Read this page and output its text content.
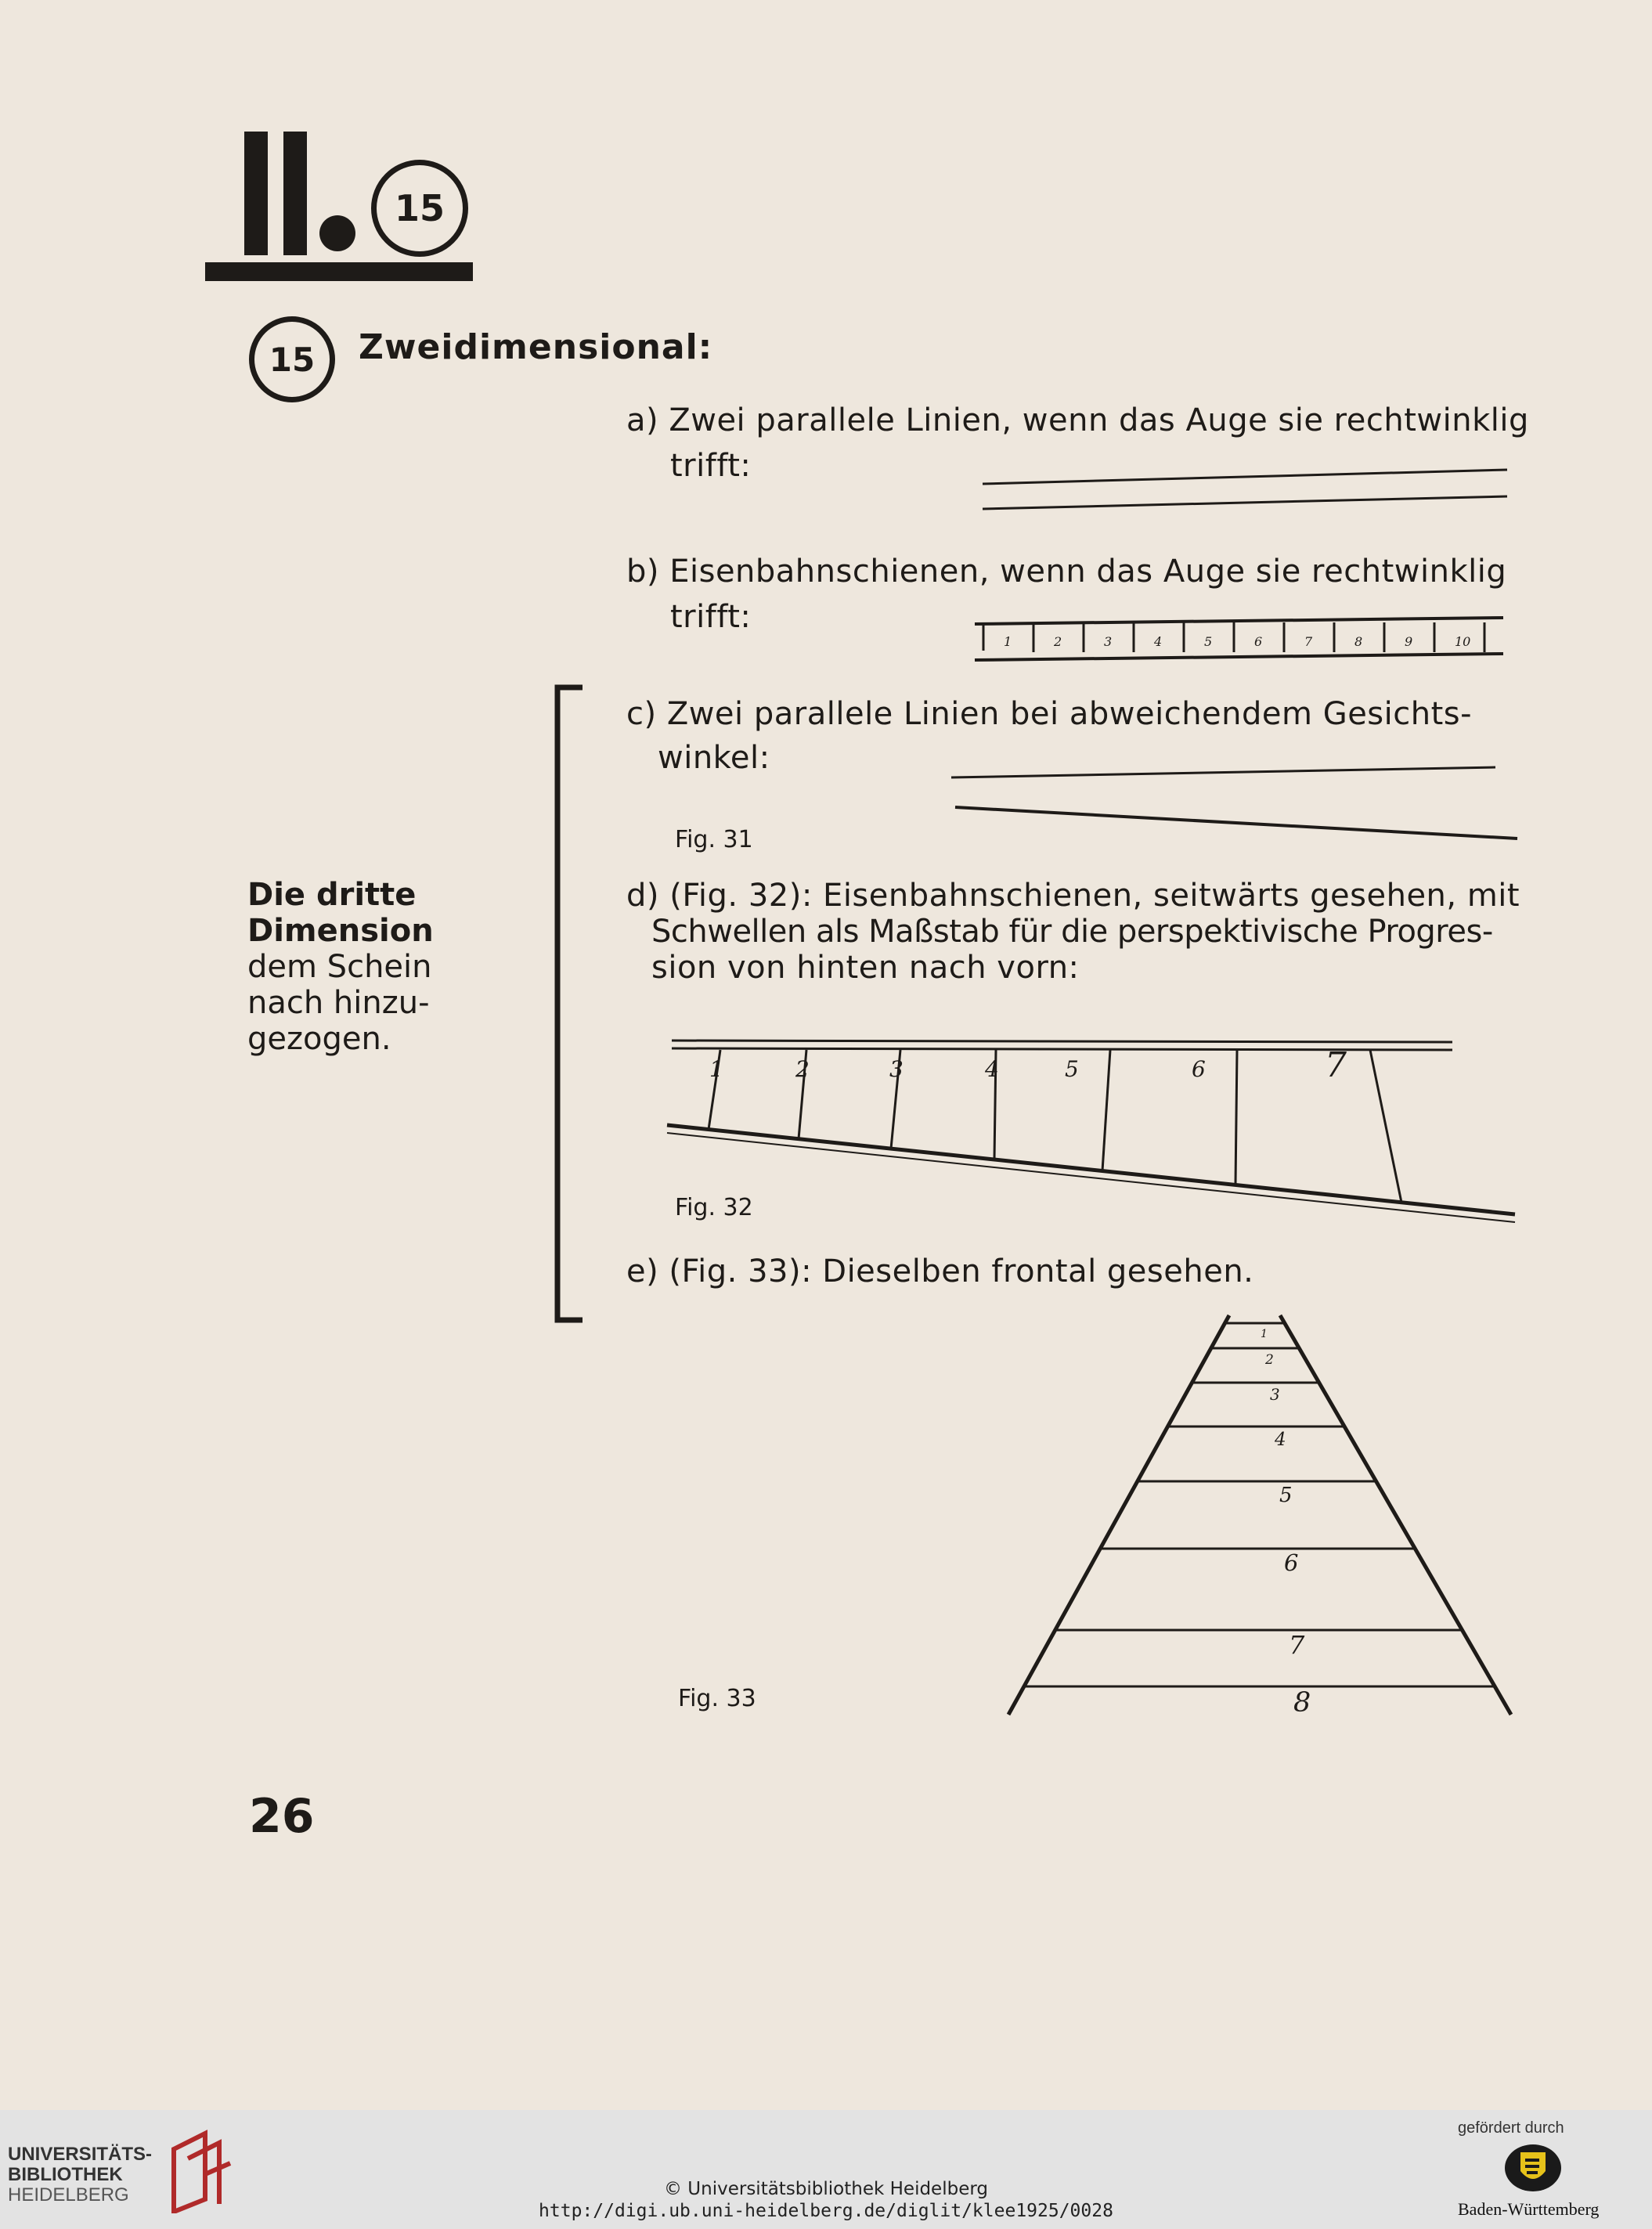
15
15 Zweidimensional:
a) Zwei parallele Linien, wenn das Auge sie rechtwinklig
trifft:
b) Eisenbahnschienen, wenn das Auge sie rechtwinklig
trifft:
1	2	3	4	5	6	7	8	9	10
c) Zwei parallele Linien bei abweichendem Gesichts-
winkel:
Fig. 31
Die dritte
Dimension
dem Schein
nach hinzu-
gezogen.
d) (Fig. 32): Eisenbahnschienen, seitwärts gesehen, mit
Schwellen als Maßstab für die perspektivische Progres-
sion von hinten nach vorn:
1	2	3	4	5	6	7
Fig. 32
e) (Fig. 33): Dieselben frontal gesehen.
1
2
3
4
5
6
7
8
Fig. 33
26
UNIVERSITÄTS-
BIBLIOTHEK
HEIDELBERG	© Universitätsbibliothek Heidelberg
http://digi.ub.uni-heidelberg.de/diglit/klee1925/0028
gefördert durch
Baden-Württemberg
